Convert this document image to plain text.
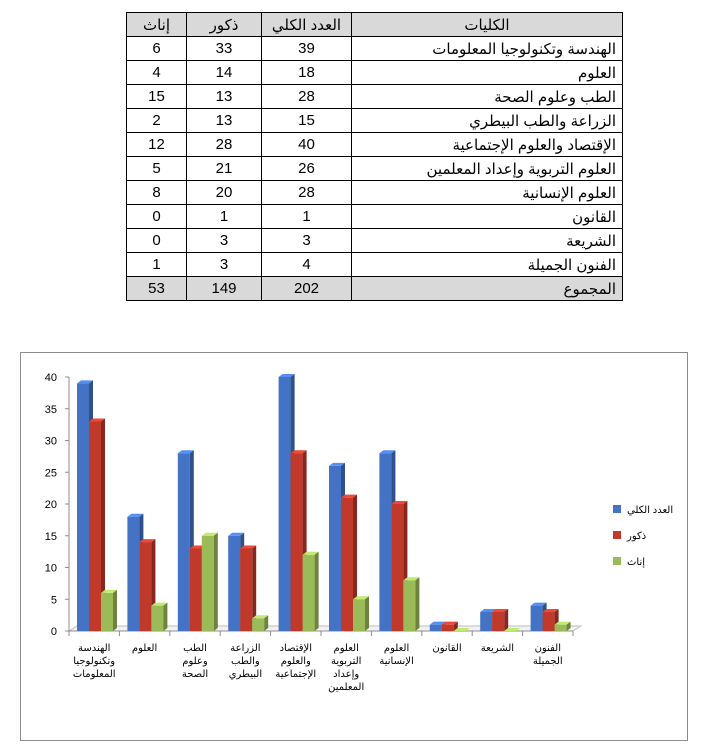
إناث	ذكور	العدد الكلي	الكليات
6	33	39	الهندسة وتكنولوجيا المعلومات
4	14	18	العلوم
15	13	28	الطب وعلوم الصحة
2	13	15	الزراعة والطب البيطري
12	28	40	الإقتصاد والعلوم الإجتماعية
5	21	26	العلوم التربوية وإعداد المعلمين
8	20	28	العلوم الإنسانية
0	1	1	القانون
0	3	3	الشريعة
1	3	4	الفنون الجميلة
53	149	202	المجموع
0
5
10
15
20
25
30
35
40
الهندسة وتكنولوجيا المعلومات
العلوم	الطب وعلوم الصحة
الزراعة والطب البيطري
الإقتصاد والعلوم الإجتماعية
العلوم التربوية وإعداد المعلمين
العلوم الإنسانية
القانون الشريعة الفنون الجميلة
العدد الكلي
ذكور
إناث
